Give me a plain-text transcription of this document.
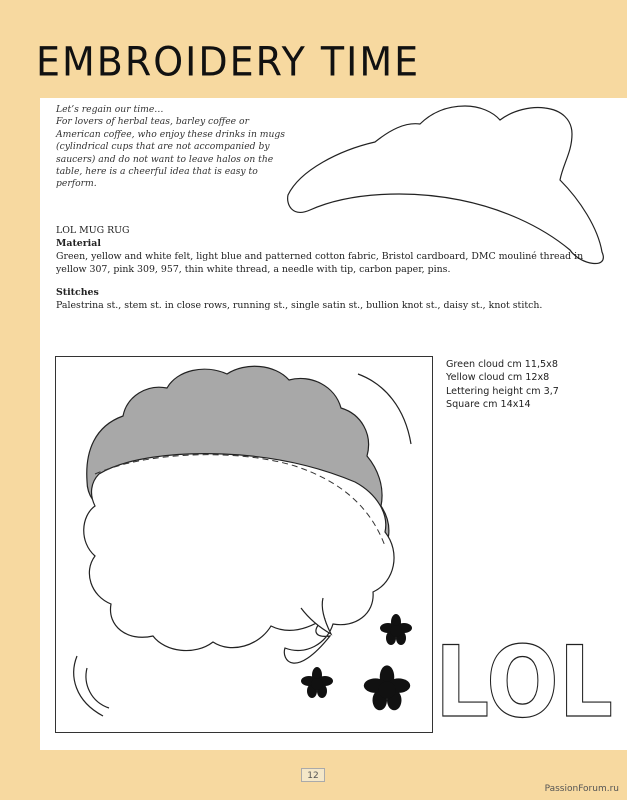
EMBROIDERY TIME

Let’s regain our time…

For lovers of herbal teas, barley coffee or American coffee, who enjoy these drinks in mugs (cylindrical cups that are not accompanied by saucers) and do not want to leave halos on the table, here is a cheerful idea that is easy to perform.

LOL MUG RUG

Material

Green, yellow and white felt, light blue and patterned cotton fabric, Bristol cardboard, DMC mouliné thread in yellow 307, pink 309, 957, thin white thread, a needle with tip, carbon paper, pins.

Stitches

Palestrina st., stem st. in close rows, running st., single satin st., bullion knot st., daisy st., knot stitch.

LOL
Green cloud cm 11,5x8
Yellow cloud cm 12x8
Lettering height cm 3,7
Square cm 14x14
12
PassionForum.ru
